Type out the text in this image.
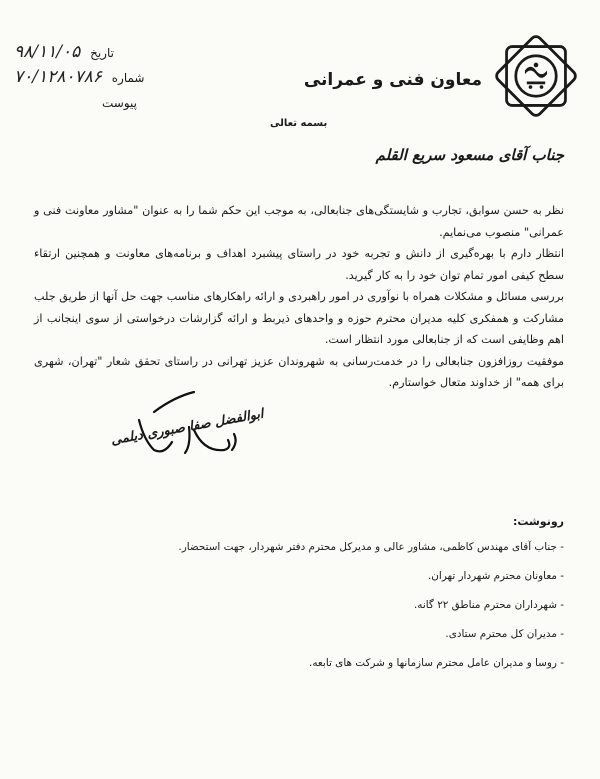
معاون فنی و عمرانی
تاریخ ۹۸/۱۱/۰۵
شماره ۷۰/۱۲۸۰۷۸۶
پیوست
بسمه تعالی
جناب آقای مسعود سریع القلم

نظر به حسن سوابق، تجارب و شایستگی‌های جنابعالی، به موجب این حکم شما را به عنوان "مشاور معاونت فنی و عمرانی" منصوب می‌نمایم.

انتظار دارم با بهره‌گیری از دانش و تجربه خود در راستای پیشبرد اهداف و برنامه‌های معاونت و همچنین ارتقاء سطح کیفی امور تمام توان خود را به کار گیرید.

بررسی مسائل و مشکلات همراه با نوآوری در امور راهبردی و ارائه راهکارهای مناسب جهت حل آنها از طریق جلب مشارکت و همفکری کلیه مدیران محترم حوزه و واحدهای ذیربط و ارائه گزارشات درخواستی از سوی اینجانب از اهم وظایفی است که از جنابعالی مورد انتظار است.

موفقیت روزافزون جنابعالی را در خدمت‌رسانی به شهروندان عزیز تهرانی در راستای تحقق شعار "تهران، شهری برای همه" از خداوند متعال خواستارم.

ابوالفضل صفا صبوری دیلمی
رونوشت:
- جناب آقای مهندس کاظمی، مشاور عالی و مدیرکل محترم دفتر شهردار، جهت استحضار.
- معاونان محترم شهردار تهران.
- شهرداران محترم مناطق ۲۲ گانه.
- مدیران کل محترم ستادی.
- روسا و مدیران عامل محترم سازمانها و شرکت های تابعه.
